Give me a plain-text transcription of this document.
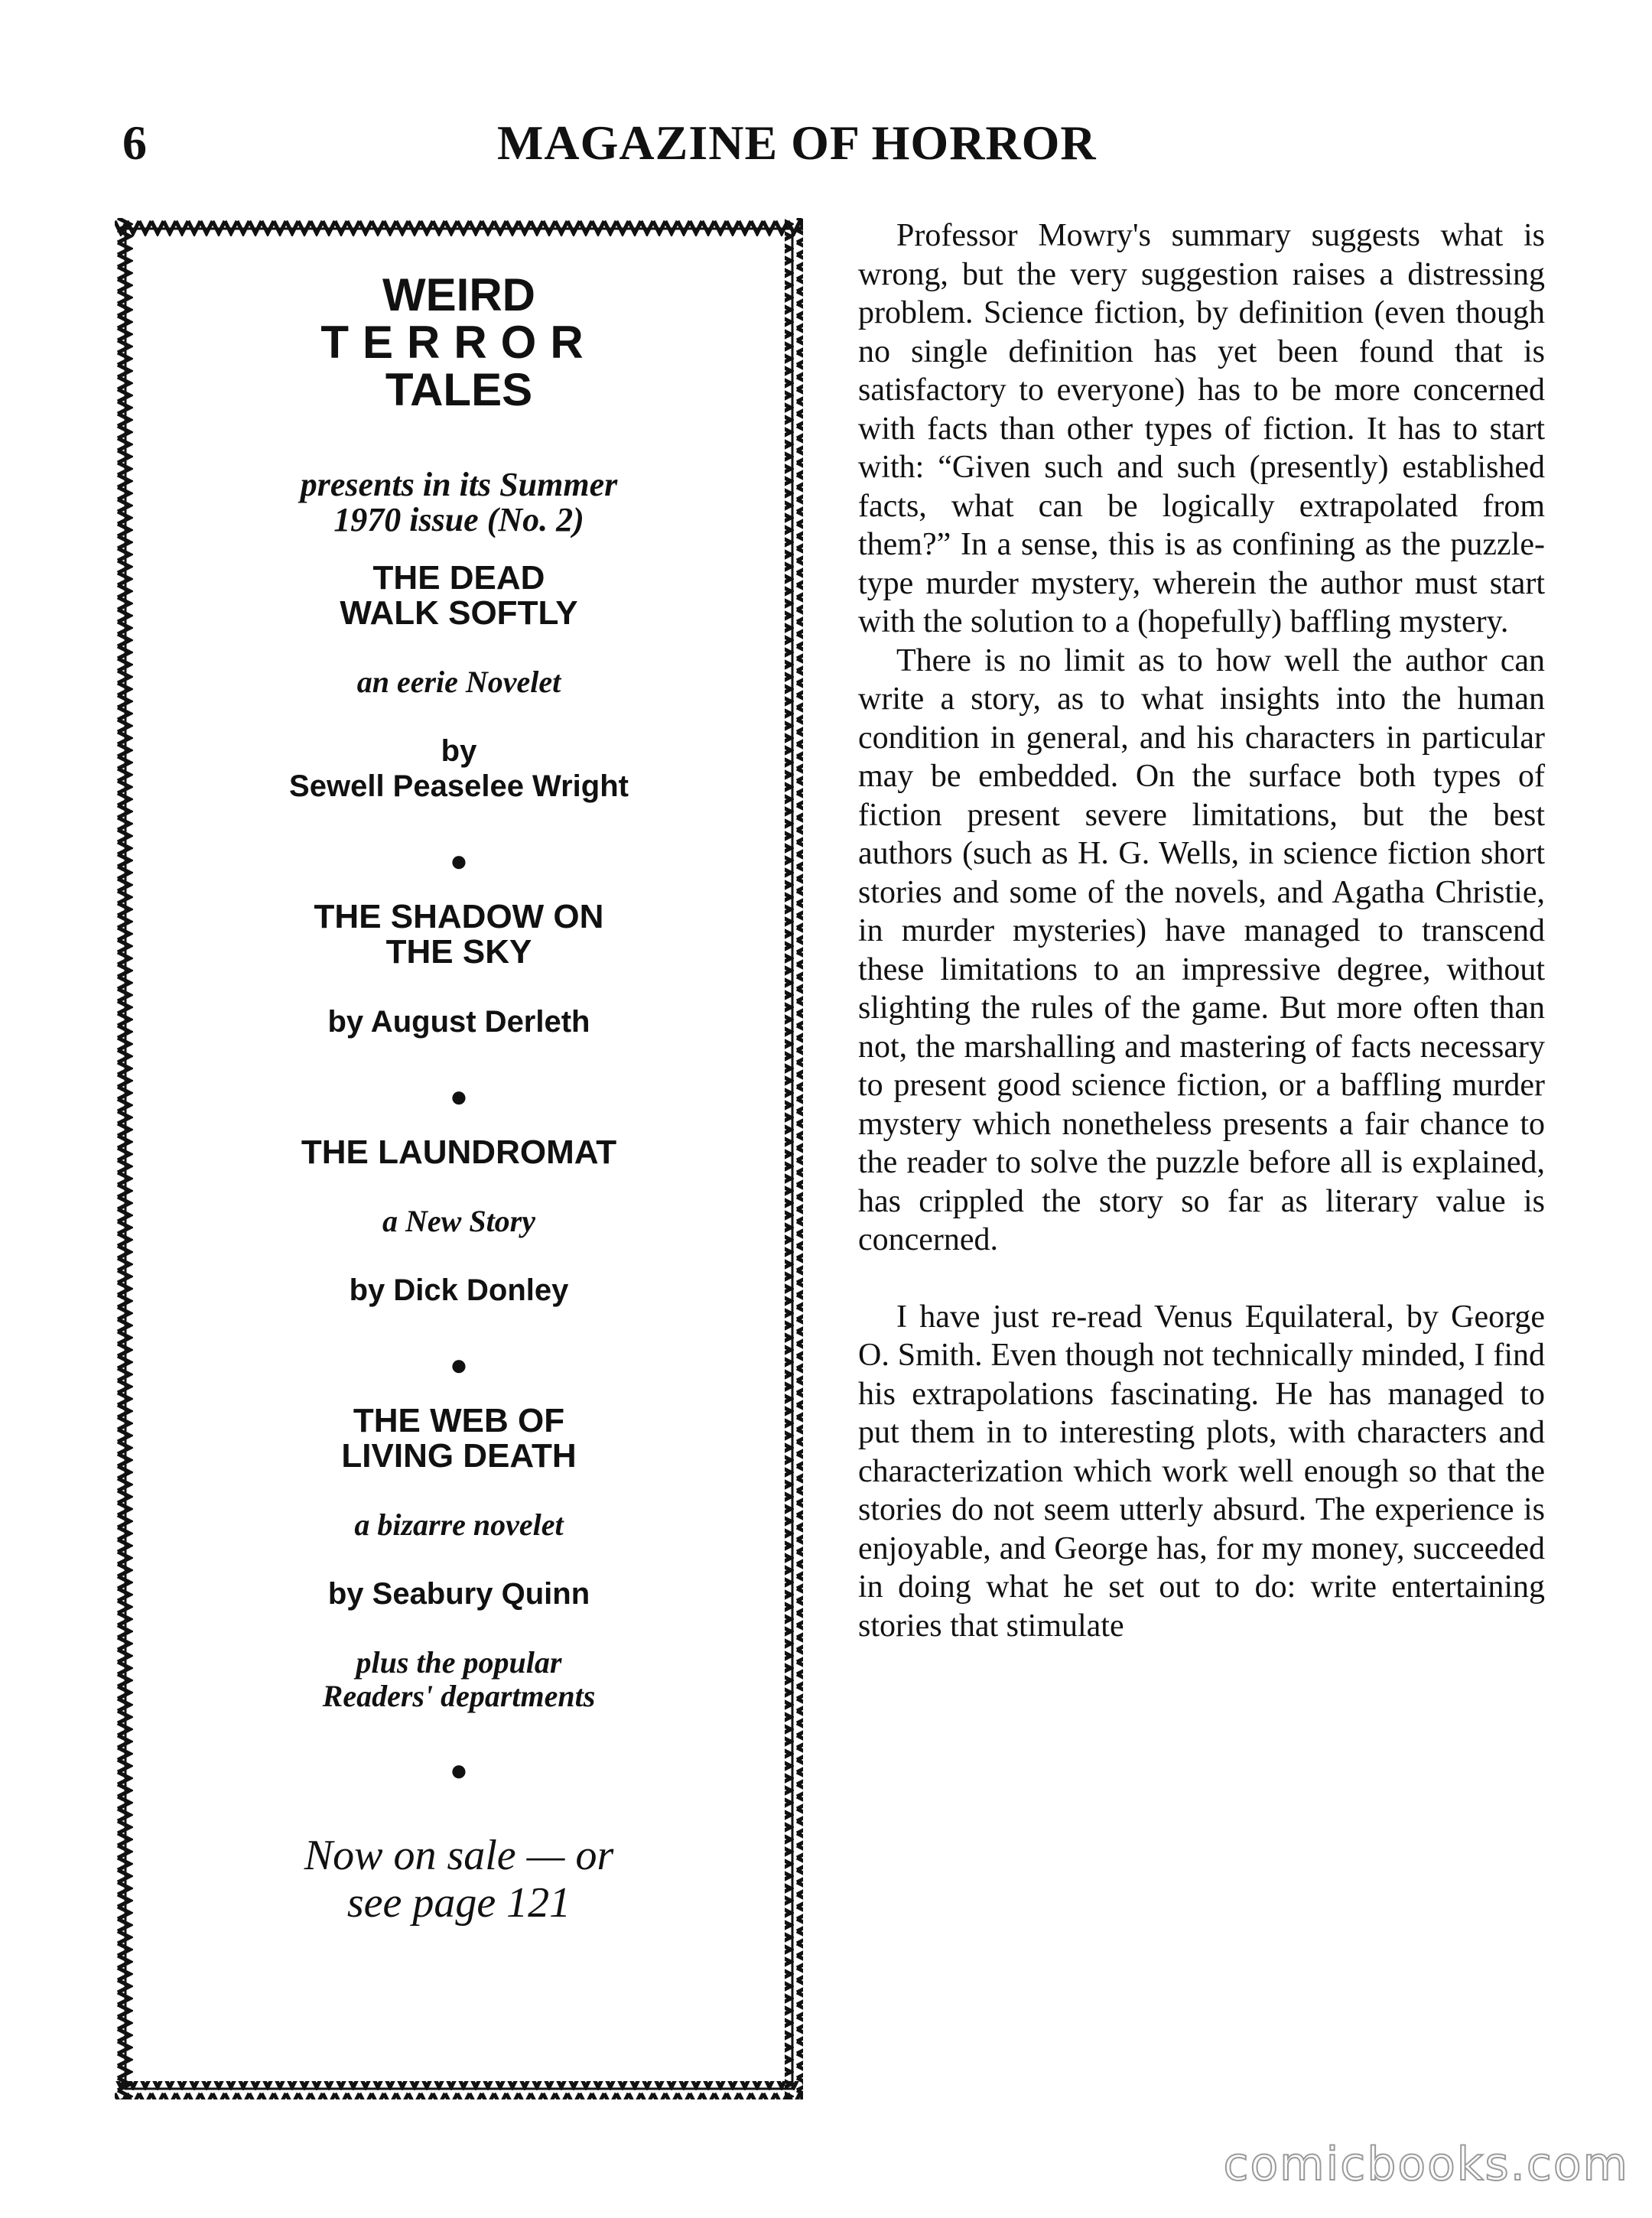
6	MAGAZINE OF HORROR

WEIRD
TERROR
TALES

presents in its Summer
1970 issue (No. 2)

THE DEAD
WALK SOFTLY

an eerie Novelet

by
Sewell Peaselee Wright

●

THE SHADOW ON
THE SKY

by August Derleth

●

THE LAUNDROMAT

a New Story

by Dick Donley

●

THE WEB OF
LIVING DEATH

a bizarre novelet

by Seabury Quinn

plus the popular
Readers' departments

●

Now on sale — or
see page 121

Professor Mowry's summary suggests what is wrong, but the very suggestion raises a distressing problem. Science fiction, by definition (even though no single definition has yet been found that is satisfactory to everyone) has to be more concerned with facts than other types of fiction. It has to start with: “Given such and such (presently) established facts, what can be logically extrapolated from them?” In a sense, this is as confining as the puzzle-type murder mystery, wherein the author must start with the solution to a (hopefully) baffling mystery.

There is no limit as to how well the author can write a story, as to what insights into the human condition in general, and his characters in particular may be embedded. On the surface both types of fiction present severe limitations, but the best authors (such as H. G. Wells, in science fiction short stories and some of the novels, and Agatha Christie, in murder mysteries) have managed to transcend these limitations to an impressive degree, without slighting the rules of the game. But more often than not, the marshalling and mastering of facts necessary to present good science fiction, or a baffling murder mystery which nonetheless presents a fair chance to the reader to solve the puzzle before all is explained, has crippled the story so far as literary value is concerned.

I have just re-read Venus Equilateral, by George O. Smith. Even though not technically minded, I find his extrapolations fascinating. He has managed to put them in to interesting plots, with characters and characterization which work well enough so that the stories do not seem utterly absurd. The experience is enjoyable, and George has, for my money, succeeded in doing what he set out to do: write entertaining stories that stimulate

comicbooks.com
